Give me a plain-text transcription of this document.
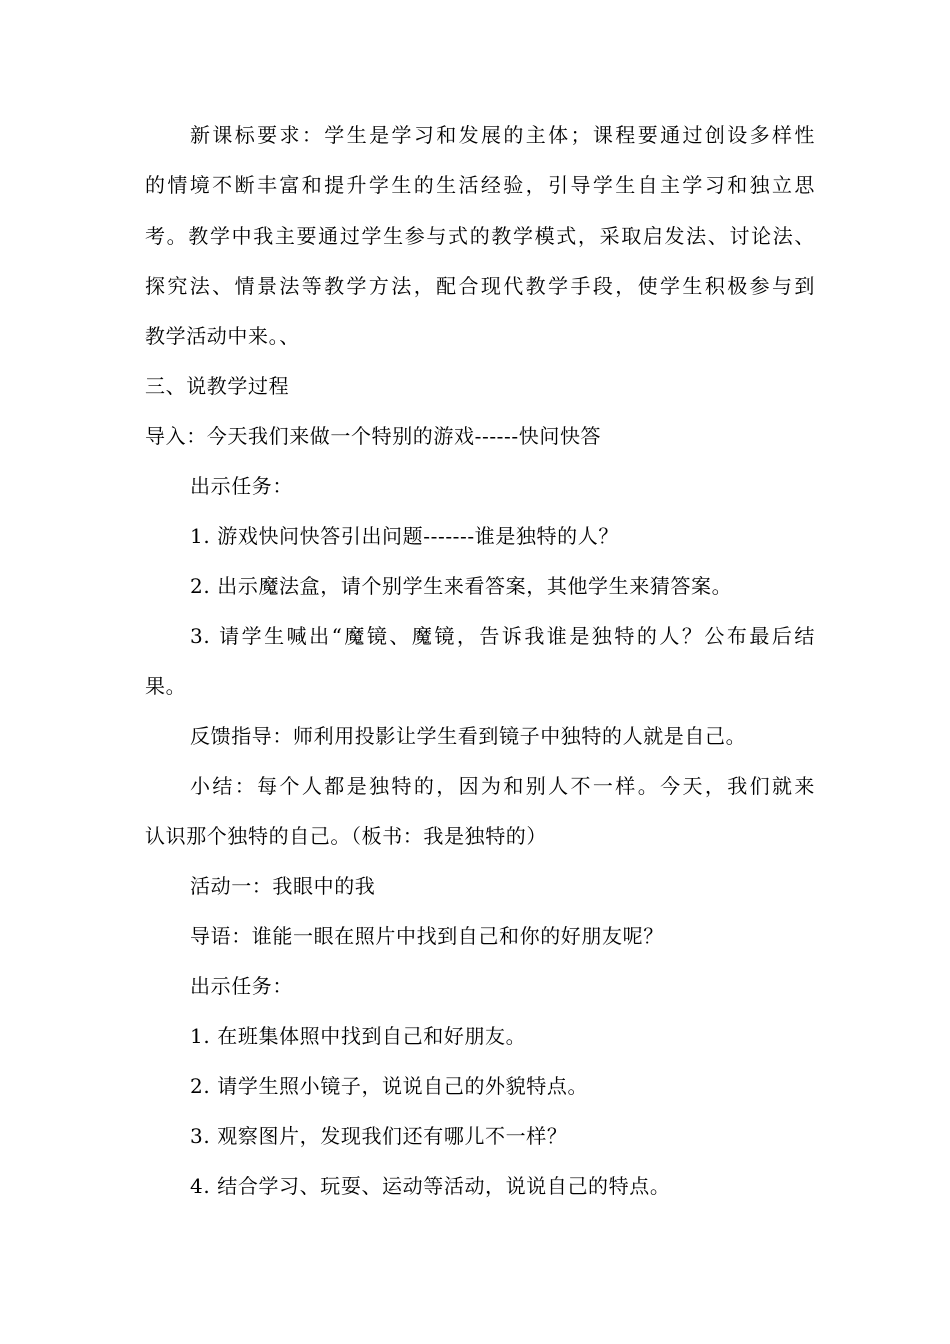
新课标要求：学生是学习和发展的主体；课程要通过创设多样性
的情境不断丰富和提升学生的生活经验，引导学生自主学习和独立思
考。教学中我主要通过学生参与式的教学模式，采取启发法、讨论法、
探究法、情景法等教学方法，配合现代教学手段，使学生积极参与到
教学活动中来。、
三、说教学过程
导入：今天我们来做一个特别的游戏------快问快答
出示任务：
1. 游戏快问快答引出问题-------谁是独特的人？
2. 出示魔法盒，请个别学生来看答案，其他学生来猜答案。
3. 请学生喊出“魔镜、魔镜，告诉我谁是独特的人？公布最后结
果。
反馈指导：师利用投影让学生看到镜子中独特的人就是自己。
小结：每个人都是独特的，因为和别人不一样。今天，我们就来
认识那个独特的自己。（板书：我是独特的）
活动一：我眼中的我
导语：谁能一眼在照片中找到自己和你的好朋友呢？
出示任务：
1. 在班集体照中找到自己和好朋友。
2. 请学生照小镜子，说说自己的外貌特点。
3. 观察图片，发现我们还有哪儿不一样？
4. 结合学习、玩耍、运动等活动，说说自己的特点。
